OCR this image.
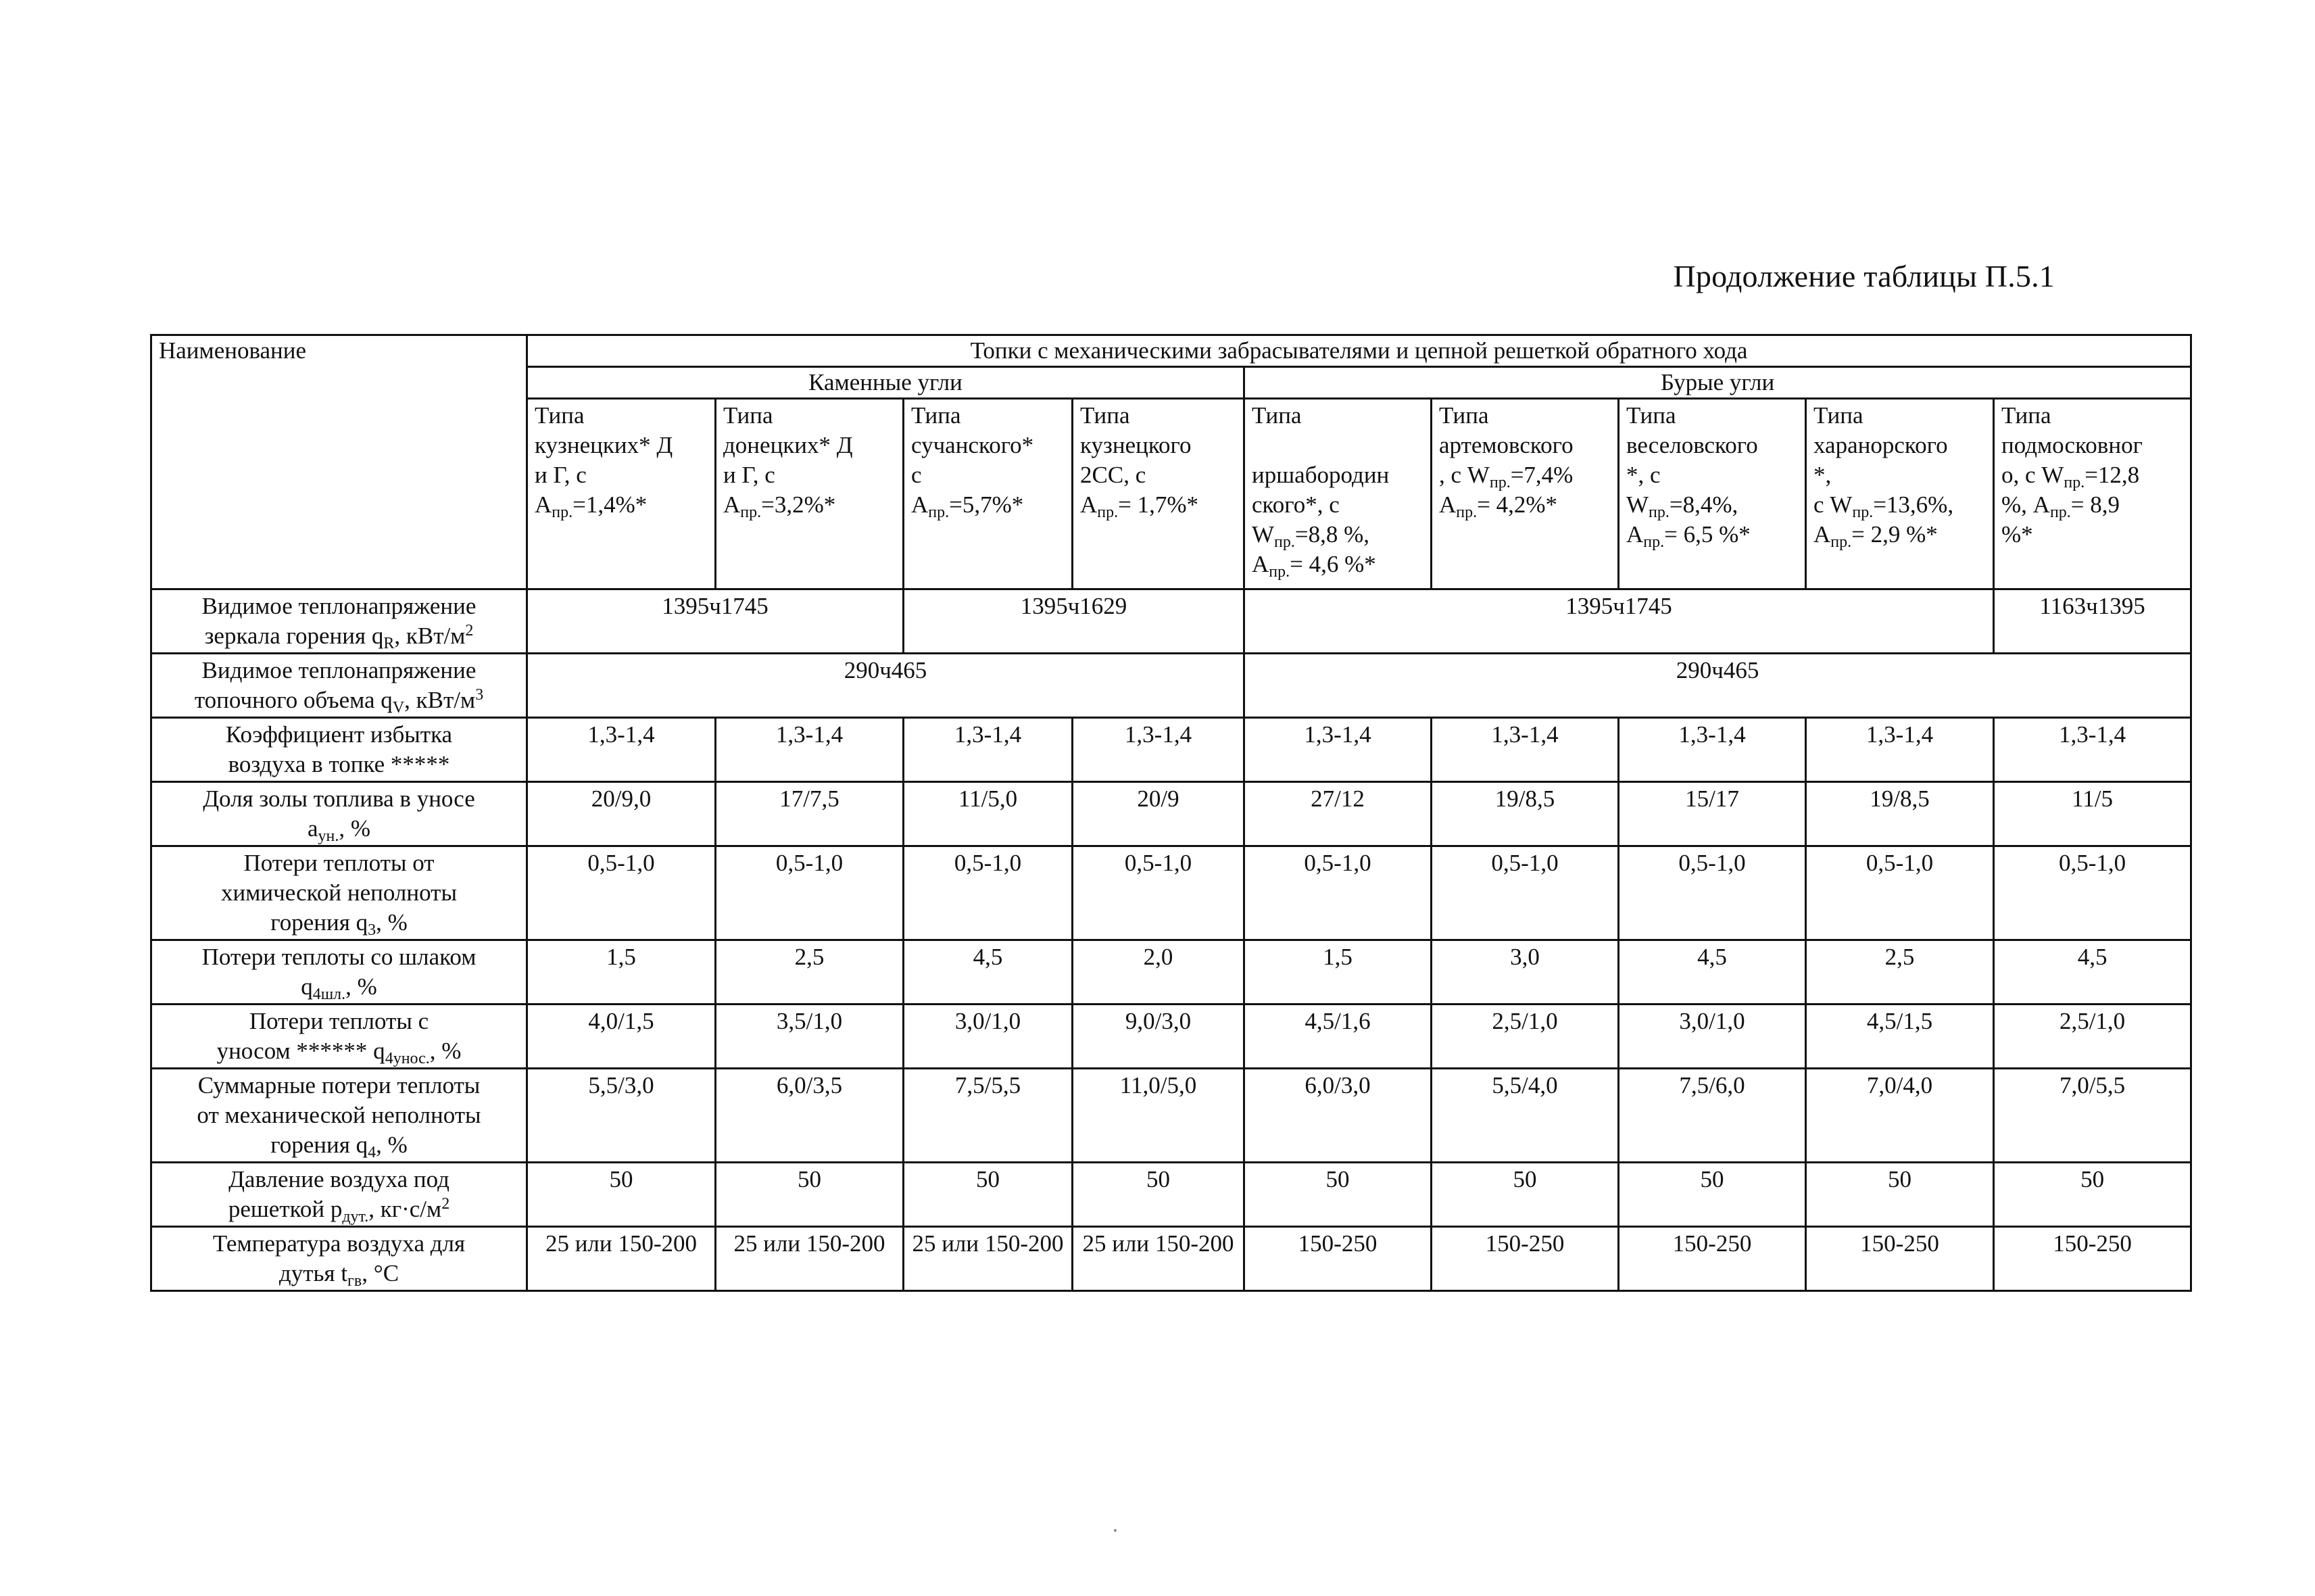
Продолжение таблицы П.5.1
Наименование	Топки с механическими забрасывателями и цепной решеткой обратного хода								
	Каменные угли				Бурые угли				
	Типа
кузнецких* Д
и Г, с
$A_{пр.}=1,4\%*$	Типа
донецких* Д
и Г, с
$A_{пр.}=3,2\%*$	Типа
сучанского*
с
$A_{пр.}=5,7\%*$	Типа
кузнецкого
2СС, с
$A_{пр.}= 1,7\%*$	Типа

иршабородин
ского*, с
$W_{пр.}=8,8$ %,
$A_{пр.}= 4,6$ %*	Типа
артемовского
, с $W_{пр.}=7,4\%$
$A_{пр.}= 4,2\%*$	Типа
веселовского
*, с
$W_{пр.}=8,4\%$,
$A_{пр.}= 6,5$ %*	Типа
харанорского
*,
с $W_{пр.}=13,6\%$,
$A_{пр.}= 2,9$ %*	Типа
подмосковног
о, с $W_{пр.}=12,8$
%, $A_{пр.}= 8,9$
%*
Видимое теплонапряжение
зеркала горения $q_R$, кВт/$м^2$	1395ч1745		1395ч1629		1395ч1745				1163ч1395
Видимое теплонапряжение
топочного объема $q_V$, кВт/$м^3$	290ч465				290ч465				
Коэффициент избытка
воздуха в топке *****	1,3-1,4	1,3-1,4	1,3-1,4	1,3-1,4	1,3-1,4	1,3-1,4	1,3-1,4	1,3-1,4	1,3-1,4
Доля золы топлива в уносе
$a_{ун.}$, %	20/9,0	17/7,5	11/5,0	20/9	27/12	19/8,5	15/17	19/8,5	11/5
Потери теплоты от
химической неполноты
горения $q_3$, %	0,5-1,0	0,5-1,0	0,5-1,0	0,5-1,0	0,5-1,0	0,5-1,0	0,5-1,0	0,5-1,0	0,5-1,0
Потери теплоты со шлаком
$q_{4шл.}$, %	1,5	2,5	4,5	2,0	1,5	3,0	4,5	2,5	4,5
Потери теплоты с
уносом ****** $q_{4унос.}$, %	4,0/1,5	3,5/1,0	3,0/1,0	9,0/3,0	4,5/1,6	2,5/1,0	3,0/1,0	4,5/1,5	2,5/1,0
Суммарные потери теплоты
от механической неполноты
горения $q_4$, %	5,5/3,0	6,0/3,5	7,5/5,5	11,0/5,0	6,0/3,0	5,5/4,0	7,5/6,0	7,0/4,0	7,0/5,5
Давление воздуха под
решеткой $p_{дут.}$, $кг\cdot с/м^2$	50	50	50	50	50	50	50	50	50
Температура воздуха для
дутья $t_{гв}$, °C	25 или 150-200	25 или 150-200	25 или 150-200	25 или 150-200	150-250	150-250	150-250	150-250	150-250
